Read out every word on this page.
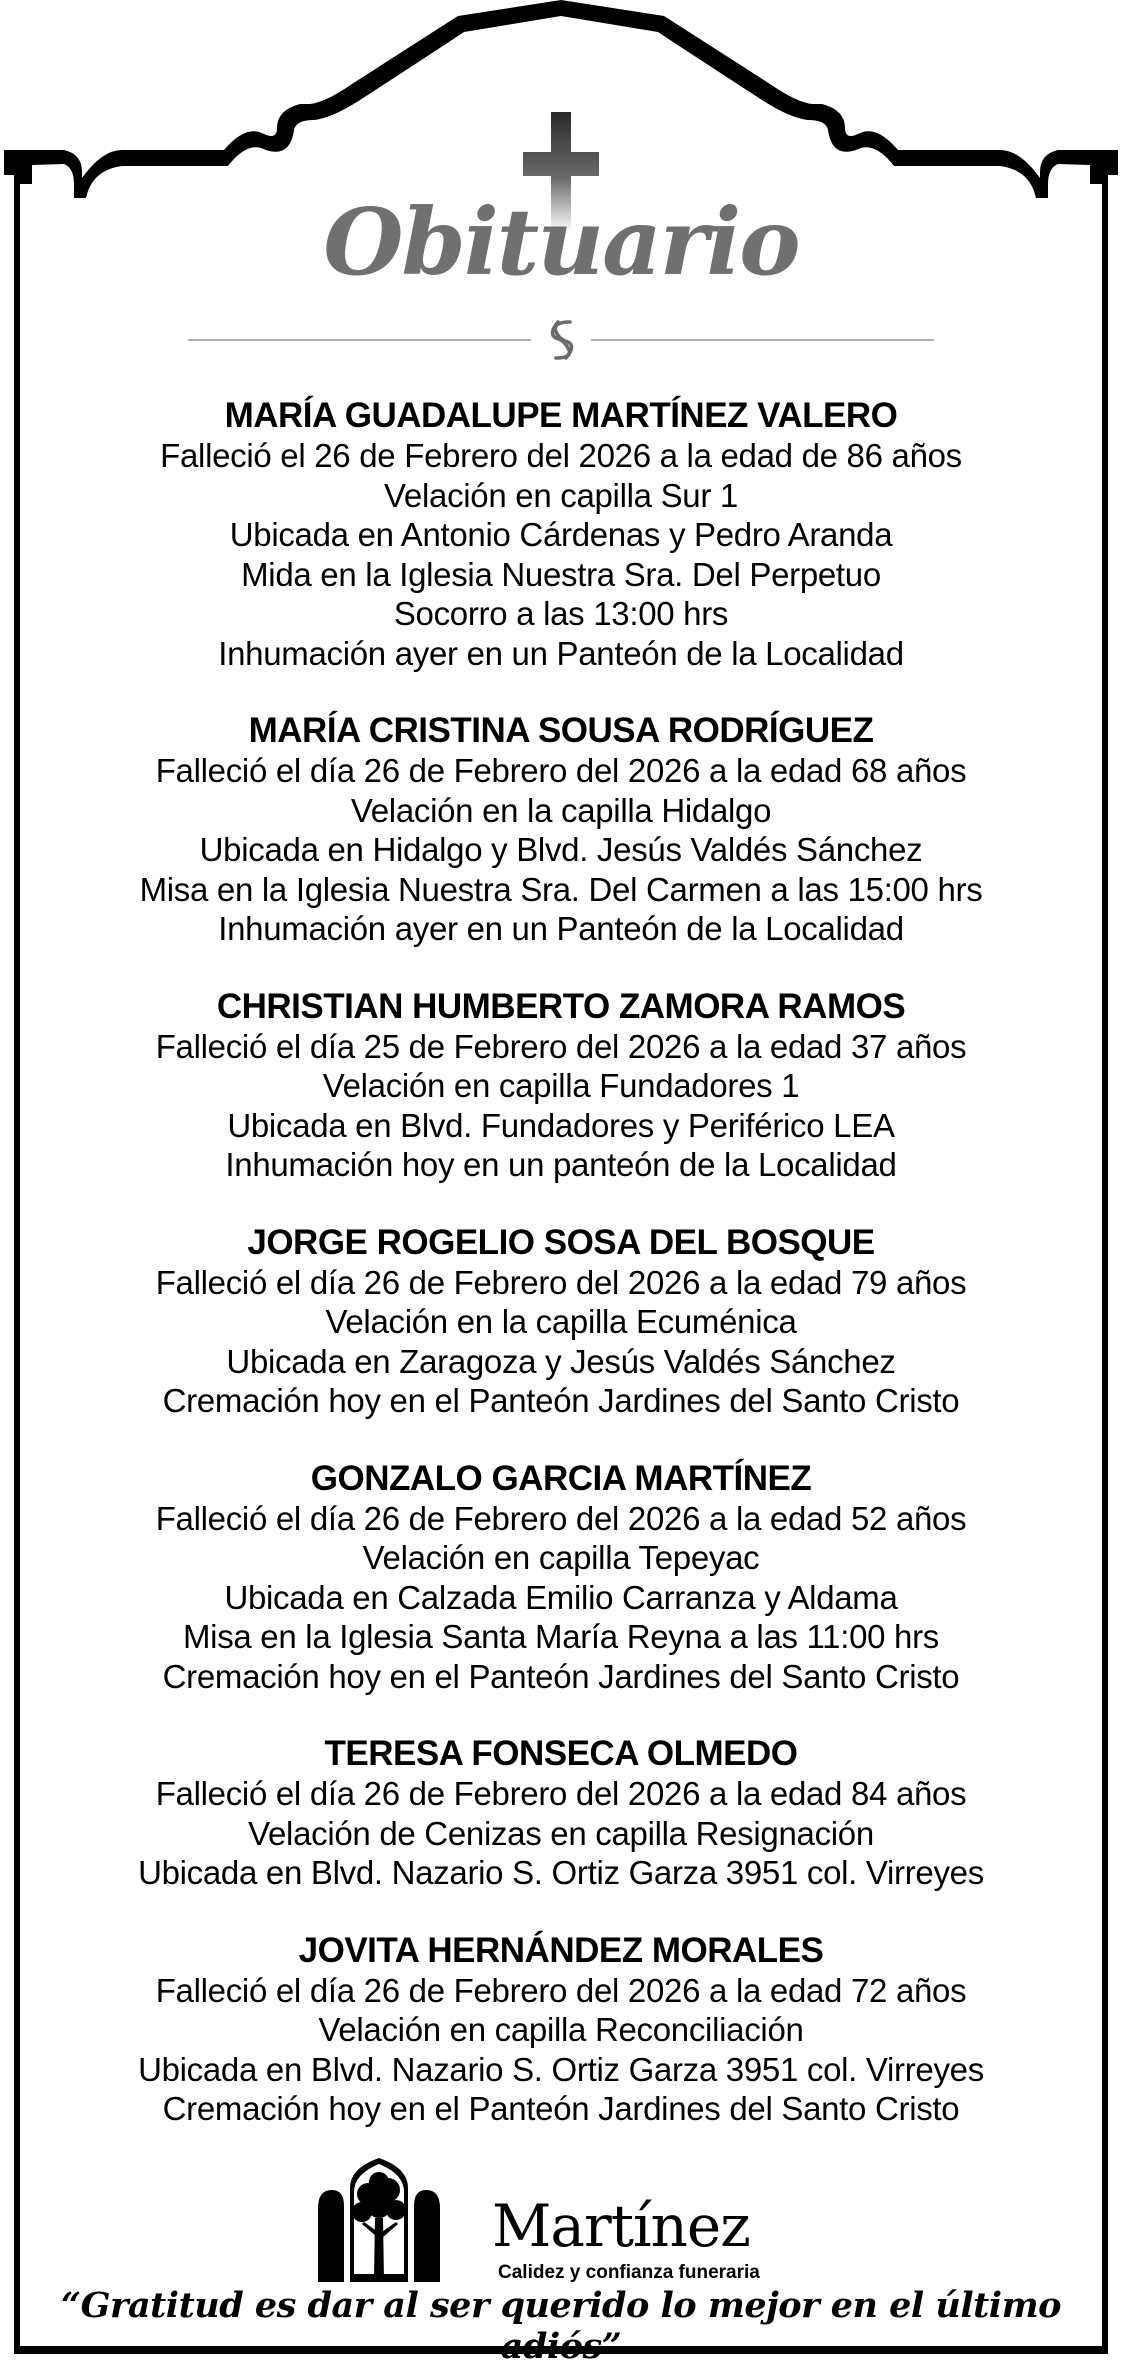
Obituario
MARÍA GUADALUPE MARTÍNEZ VALERO
Falleció el 26 de Febrero del 2026 a la edad de 86 años
Velación en capilla Sur 1
Ubicada en Antonio Cárdenas y Pedro Aranda
Mida en la Iglesia Nuestra Sra. Del Perpetuo
Socorro a las 13:00 hrs
Inhumación ayer en un Panteón de la Localidad
MARÍA CRISTINA SOUSA RODRÍGUEZ
Falleció el día 26 de Febrero del 2026 a la edad 68 años
Velación en la capilla Hidalgo
Ubicada en Hidalgo y Blvd. Jesús Valdés Sánchez
Misa en la Iglesia Nuestra Sra. Del Carmen a las 15:00 hrs
Inhumación ayer en un Panteón de la Localidad
CHRISTIAN HUMBERTO ZAMORA RAMOS
Falleció el día 25 de Febrero del 2026 a la edad 37 años
Velación en capilla Fundadores 1
Ubicada en Blvd. Fundadores y Periférico LEA
Inhumación hoy en un panteón de la Localidad
JORGE ROGELIO SOSA DEL BOSQUE
Falleció el día 26 de Febrero del 2026 a la edad 79 años
Velación en la capilla Ecuménica
Ubicada en Zaragoza y Jesús Valdés Sánchez
Cremación hoy en el Panteón Jardines del Santo Cristo
GONZALO GARCIA MARTÍNEZ
Falleció el día 26 de Febrero del 2026 a la edad 52 años
Velación en capilla Tepeyac
Ubicada en Calzada Emilio Carranza y Aldama
Misa en la Iglesia Santa María Reyna a las 11:00 hrs
Cremación hoy en el Panteón Jardines del Santo Cristo
TERESA FONSECA OLMEDO
Falleció el día 26 de Febrero del 2026 a la edad 84 años
Velación de Cenizas en capilla Resignación
Ubicada en Blvd. Nazario S. Ortiz Garza 3951 col. Virreyes
JOVITA HERNÁNDEZ MORALES
Falleció el día 26 de Febrero del 2026 a la edad 72 años
Velación en capilla Reconciliación
Ubicada en Blvd. Nazario S. Ortiz Garza 3951 col. Virreyes
Cremación hoy en el Panteón Jardines del Santo Cristo
Martínez
Calidez y confianza funeraria
“Gratitud es dar al ser querido lo mejor en el último adiós”
